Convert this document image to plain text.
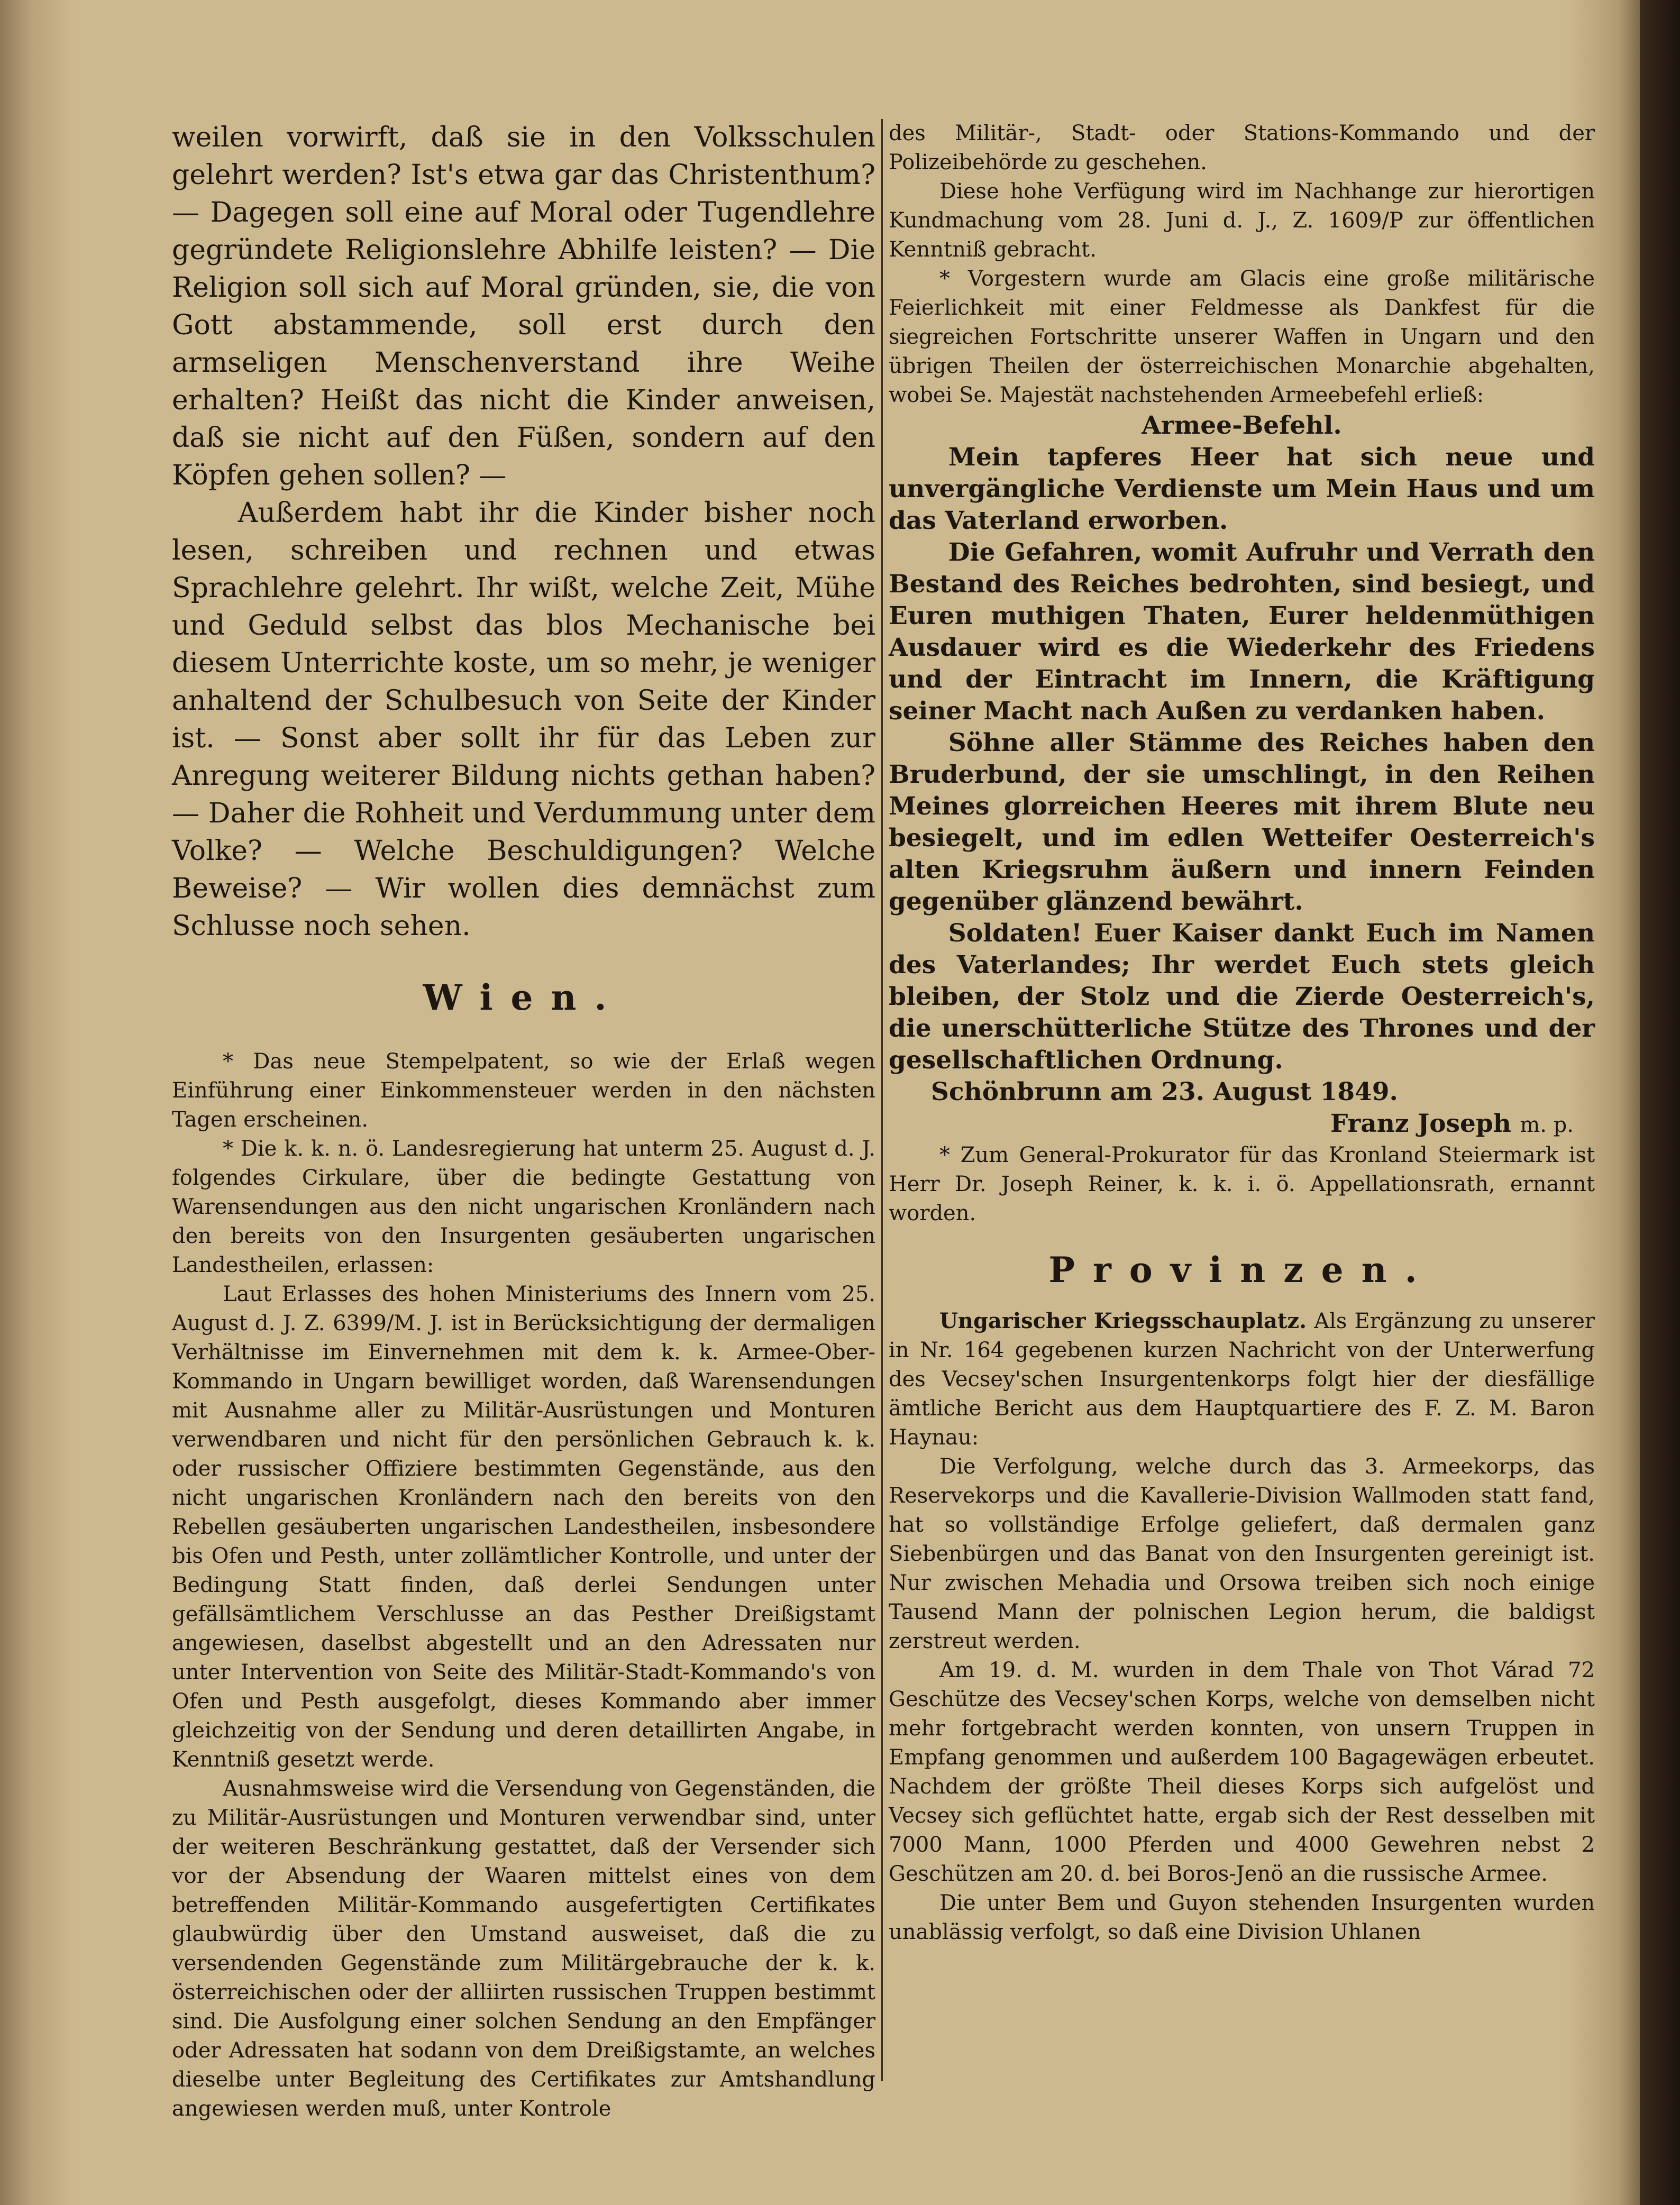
weilen vorwirft, daß sie in den Volksschulen gelehrt werden? Ist's etwa gar das Christenthum? — Dagegen soll eine auf Moral oder Tugendlehre gegründete Religionslehre Abhilfe leisten? — Die Religion soll sich auf Moral gründen, sie, die von Gott abstammende, soll erst durch den armseligen Menschenverstand ihre Weihe erhalten? Heißt das nicht die Kinder anweisen, daß sie nicht auf den Füßen, sondern auf den Köpfen gehen sollen? —

Außerdem habt ihr die Kinder bisher noch lesen, schreiben und rechnen und etwas Sprachlehre gelehrt. Ihr wißt, welche Zeit, Mühe und Geduld selbst das blos Mechanische bei diesem Unterrichte koste, um so mehr, je weniger anhaltend der Schulbesuch von Seite der Kinder ist. — Sonst aber sollt ihr für das Leben zur Anregung weiterer Bildung nichts gethan haben? — Daher die Rohheit und Verdummung unter dem Volke? — Welche Beschuldigungen? Welche Beweise? — Wir wollen dies demnächst zum Schlusse noch sehen.

Wien.

* Das neue Stempelpatent, so wie der Erlaß wegen Einführung einer Einkommensteuer werden in den nächsten Tagen erscheinen.

* Die k. k. n. ö. Landesregierung hat unterm 25. August d. J. folgendes Cirkulare, über die bedingte Gestattung von Warensendungen aus den nicht ungarischen Kronländern nach den bereits von den Insurgenten gesäuberten ungarischen Landestheilen, erlassen:

Laut Erlasses des hohen Ministeriums des Innern vom 25. August d. J. Z. 6399/M. J. ist in Berücksichtigung der dermaligen Verhältnisse im Einvernehmen mit dem k. k. Armee-Ober-Kommando in Ungarn bewilliget worden, daß Warensendungen mit Ausnahme aller zu Militär-Ausrüstungen und Monturen verwendbaren und nicht für den persönlichen Gebrauch k. k. oder russischer Offiziere bestimmten Gegenstände, aus den nicht ungarischen Kronländern nach den bereits von den Rebellen gesäuberten ungarischen Landestheilen, insbesondere bis Ofen und Pesth, unter zollämtlicher Kontrolle, und unter der Bedingung Statt finden, daß derlei Sendungen unter gefällsämtlichem Verschlusse an das Pesther Dreißigstamt angewiesen, daselbst abgestellt und an den Adressaten nur unter Intervention von Seite des Militär-Stadt-Kommando's von Ofen und Pesth ausgefolgt, dieses Kommando aber immer gleichzeitig von der Sendung und deren detaillirten Angabe, in Kenntniß gesetzt werde.

Ausnahmsweise wird die Versendung von Gegenständen, die zu Militär-Ausrüstungen und Monturen verwendbar sind, unter der weiteren Beschränkung gestattet, daß der Versender sich vor der Absendung der Waaren mittelst eines von dem betreffenden Militär-Kommando ausgefertigten Certifikates glaubwürdig über den Umstand ausweiset, daß die zu versendenden Gegenstände zum Militärgebrauche der k. k. österreichischen oder der alliirten russischen Truppen bestimmt sind. Die Ausfolgung einer solchen Sendung an den Empfänger oder Adressaten hat sodann von dem Dreißigstamte, an welches dieselbe unter Begleitung des Certifikates zur Amtshandlung angewiesen werden muß, unter Kontrole

des Militär-, Stadt- oder Stations-Kommando und der Polizeibehörde zu geschehen.

Diese hohe Verfügung wird im Nachhange zur hierortigen Kundmachung vom 28. Juni d. J., Z. 1609/P zur öffentlichen Kenntniß gebracht.

* Vorgestern wurde am Glacis eine große militärische Feierlichkeit mit einer Feldmesse als Dankfest für die siegreichen Fortschritte unserer Waffen in Ungarn und den übrigen Theilen der österreichischen Monarchie abgehalten, wobei Se. Majestät nachstehenden Armeebefehl erließ:

Armee-Befehl.

Mein tapferes Heer hat sich neue und unvergängliche Verdienste um Mein Haus und um das Vaterland erworben.

Die Gefahren, womit Aufruhr und Verrath den Bestand des Reiches bedrohten, sind besiegt, und Euren muthigen Thaten, Eurer heldenmüthigen Ausdauer wird es die Wiederkehr des Friedens und der Eintracht im Innern, die Kräftigung seiner Macht nach Außen zu verdanken haben.

Söhne aller Stämme des Reiches haben den Bruderbund, der sie umschlingt, in den Reihen Meines glorreichen Heeres mit ihrem Blute neu besiegelt, und im edlen Wetteifer Oesterreich's alten Kriegsruhm äußern und innern Feinden gegenüber glänzend bewährt.

Soldaten! Euer Kaiser dankt Euch im Namen des Vaterlandes; Ihr werdet Euch stets gleich bleiben, der Stolz und die Zierde Oesterreich's, die unerschütterliche Stütze des Thrones und der gesellschaftlichen Ordnung.

Schönbrunn am 23. August 1849.

Franz Joseph m. p.

* Zum General-Prokurator für das Kronland Steiermark ist Herr Dr. Joseph Reiner, k. k. i. ö. Appellationsrath, ernannt worden.

Provinzen.

Ungarischer Kriegsschauplatz. Als Ergänzung zu unserer in Nr. 164 gegebenen kurzen Nachricht von der Unterwerfung des Vecsey'schen Insurgentenkorps folgt hier der diesfällige ämtliche Bericht aus dem Hauptquartiere des F. Z. M. Baron Haynau:

Die Verfolgung, welche durch das 3. Armeekorps, das Reservekorps und die Kavallerie-Division Wallmoden statt fand, hat so vollständige Erfolge geliefert, daß dermalen ganz Siebenbürgen und das Banat von den Insurgenten gereinigt ist. Nur zwischen Mehadia und Orsowa treiben sich noch einige Tausend Mann der polnischen Legion herum, die baldigst zerstreut werden.

Am 19. d. M. wurden in dem Thale von Thot Várad 72 Geschütze des Vecsey'schen Korps, welche von demselben nicht mehr fortgebracht werden konnten, von unsern Truppen in Empfang genommen und außerdem 100 Bagagewägen erbeutet. Nachdem der größte Theil dieses Korps sich aufgelöst und Vecsey sich geflüchtet hatte, ergab sich der Rest desselben mit 7000 Mann, 1000 Pferden und 4000 Gewehren nebst 2 Geschützen am 20. d. bei Boros-Jenö an die russische Armee.

Die unter Bem und Guyon stehenden Insurgenten wurden unablässig verfolgt, so daß eine Division Uhlanen
